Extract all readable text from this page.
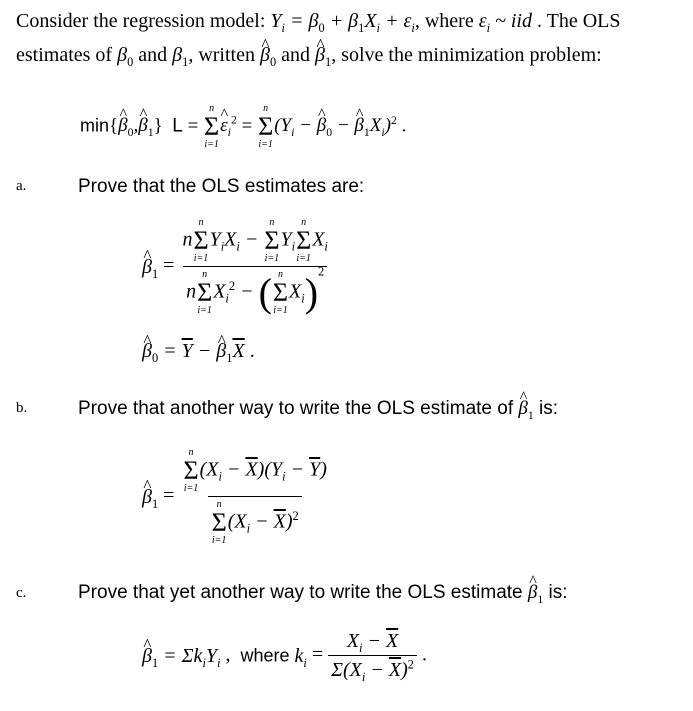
Consider the regression model: $Y_i = \beta_0 + \beta_1X_i + \varepsilon_i$, where $\varepsilon_i$ ~ iid . The OLS
estimates of $\beta_0$ and $\beta_1$, written ^ $\beta_0$ and ^ $\beta_1$, solve the minimization problem:
min{^ $\beta_0,\^{}$ $\beta_1$}  L =
n
Σ
i=1
^ $\varepsilon_i^2$ =
n
Σ
i=1
($Y_i$ − ^ $\beta_0$ − ^ $\beta_1X_i)^2$ .
a.	Prove that the OLS estimates are:
^ $\beta_1 = n$
n
Σ
i=1
$Y_iX_i$ −
n
Σ
i=1
$Y_i$
n
Σ
i=1
$X_i$
n
n
Σ
i=1
$X_i^2$ − ( n
Σ
i=1
$X_i)^2$
^ $\beta_0 = \overline{Y}$ − ^ $\beta_1\overline{X}$ .
b.	Prove that another way to write the OLS estimate of ^ $\beta_1$ is:
^ $\beta_1 = n$
Σ
i=1
$(X_i - \overline{X})(Y_i - \overline{Y})$
n
Σ
i=1
$(X_i - \overline{X})^2$
c.	Prove that yet another way to write the OLS estimate ^ $\beta_1$ is:
^ $\beta_1 = \Sigma k_iY_i$ ,  where $k_i = \frac{X_i - \overline{X}}{\Sigma(X_i - \overline{X})^2}$ .
